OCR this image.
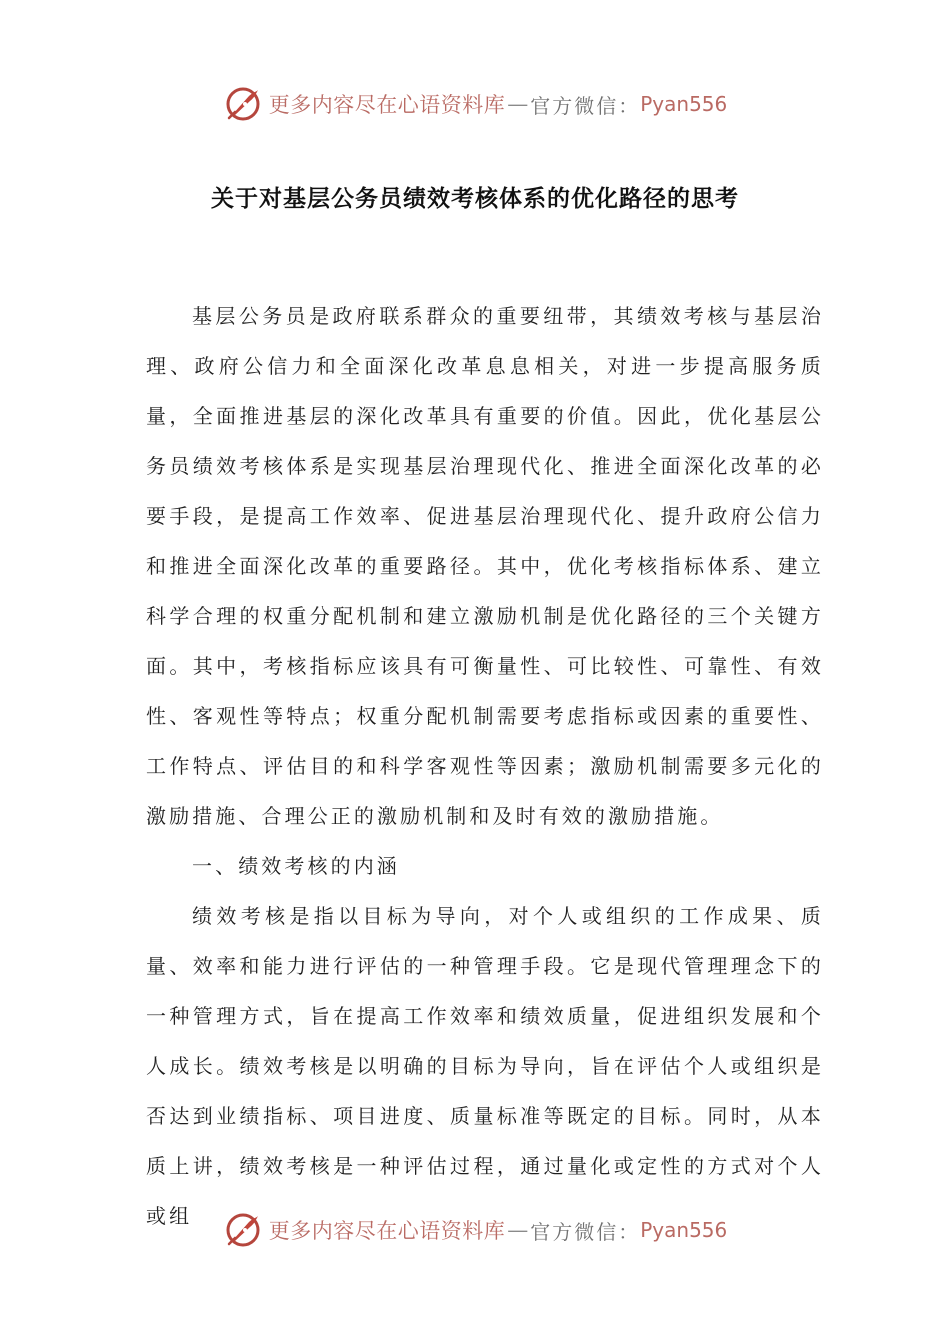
更多内容尽在心语资料库 — 官方微信： Pyan556
关于对基层公务员绩效考核体系的优化路径的思考

基层公务员是政府联系群众的重要纽带，其绩效考核与基层治理、政府公信力和全面深化改革息息相关，对进一步提高服务质量，全面推进基层的深化改革具有重要的价值。因此，优化基层公务员绩效考核体系是实现基层治理现代化、推进全面深化改革的必要手段，是提高工作效率、促进基层治理现代化、提升政府公信力和推进全面深化改革的重要路径。其中，优化考核指标体系、建立科学合理的权重分配机制和建立激励机制是优化路径的三个关键方面。其中，考核指标应该具有可衡量性、可比较性、可靠性、有效性、客观性等特点；权重分配机制需要考虑指标或因素的重要性、工作特点、评估目的和科学客观性等因素；激励机制需要多元化的激励措施、合理公正的激励机制和及时有效的激励措施。

一、绩效考核的内涵

绩效考核是指以目标为导向，对个人或组织的工作成果、质量、效率和能力进行评估的一种管理手段。它是现代管理理念下的一种管理方式，旨在提高工作效率和绩效质量，促进组织发展和个人成长。绩效考核是以明确的目标为导向，旨在评估个人或组织是否达到业绩指标、项目进度、质量标准等既定的目标。同时，从本质上讲，绩效考核是一种评估过程，通过量化或定性的方式对个人或组

更多内容尽在心语资料库 — 官方微信： Pyan556
